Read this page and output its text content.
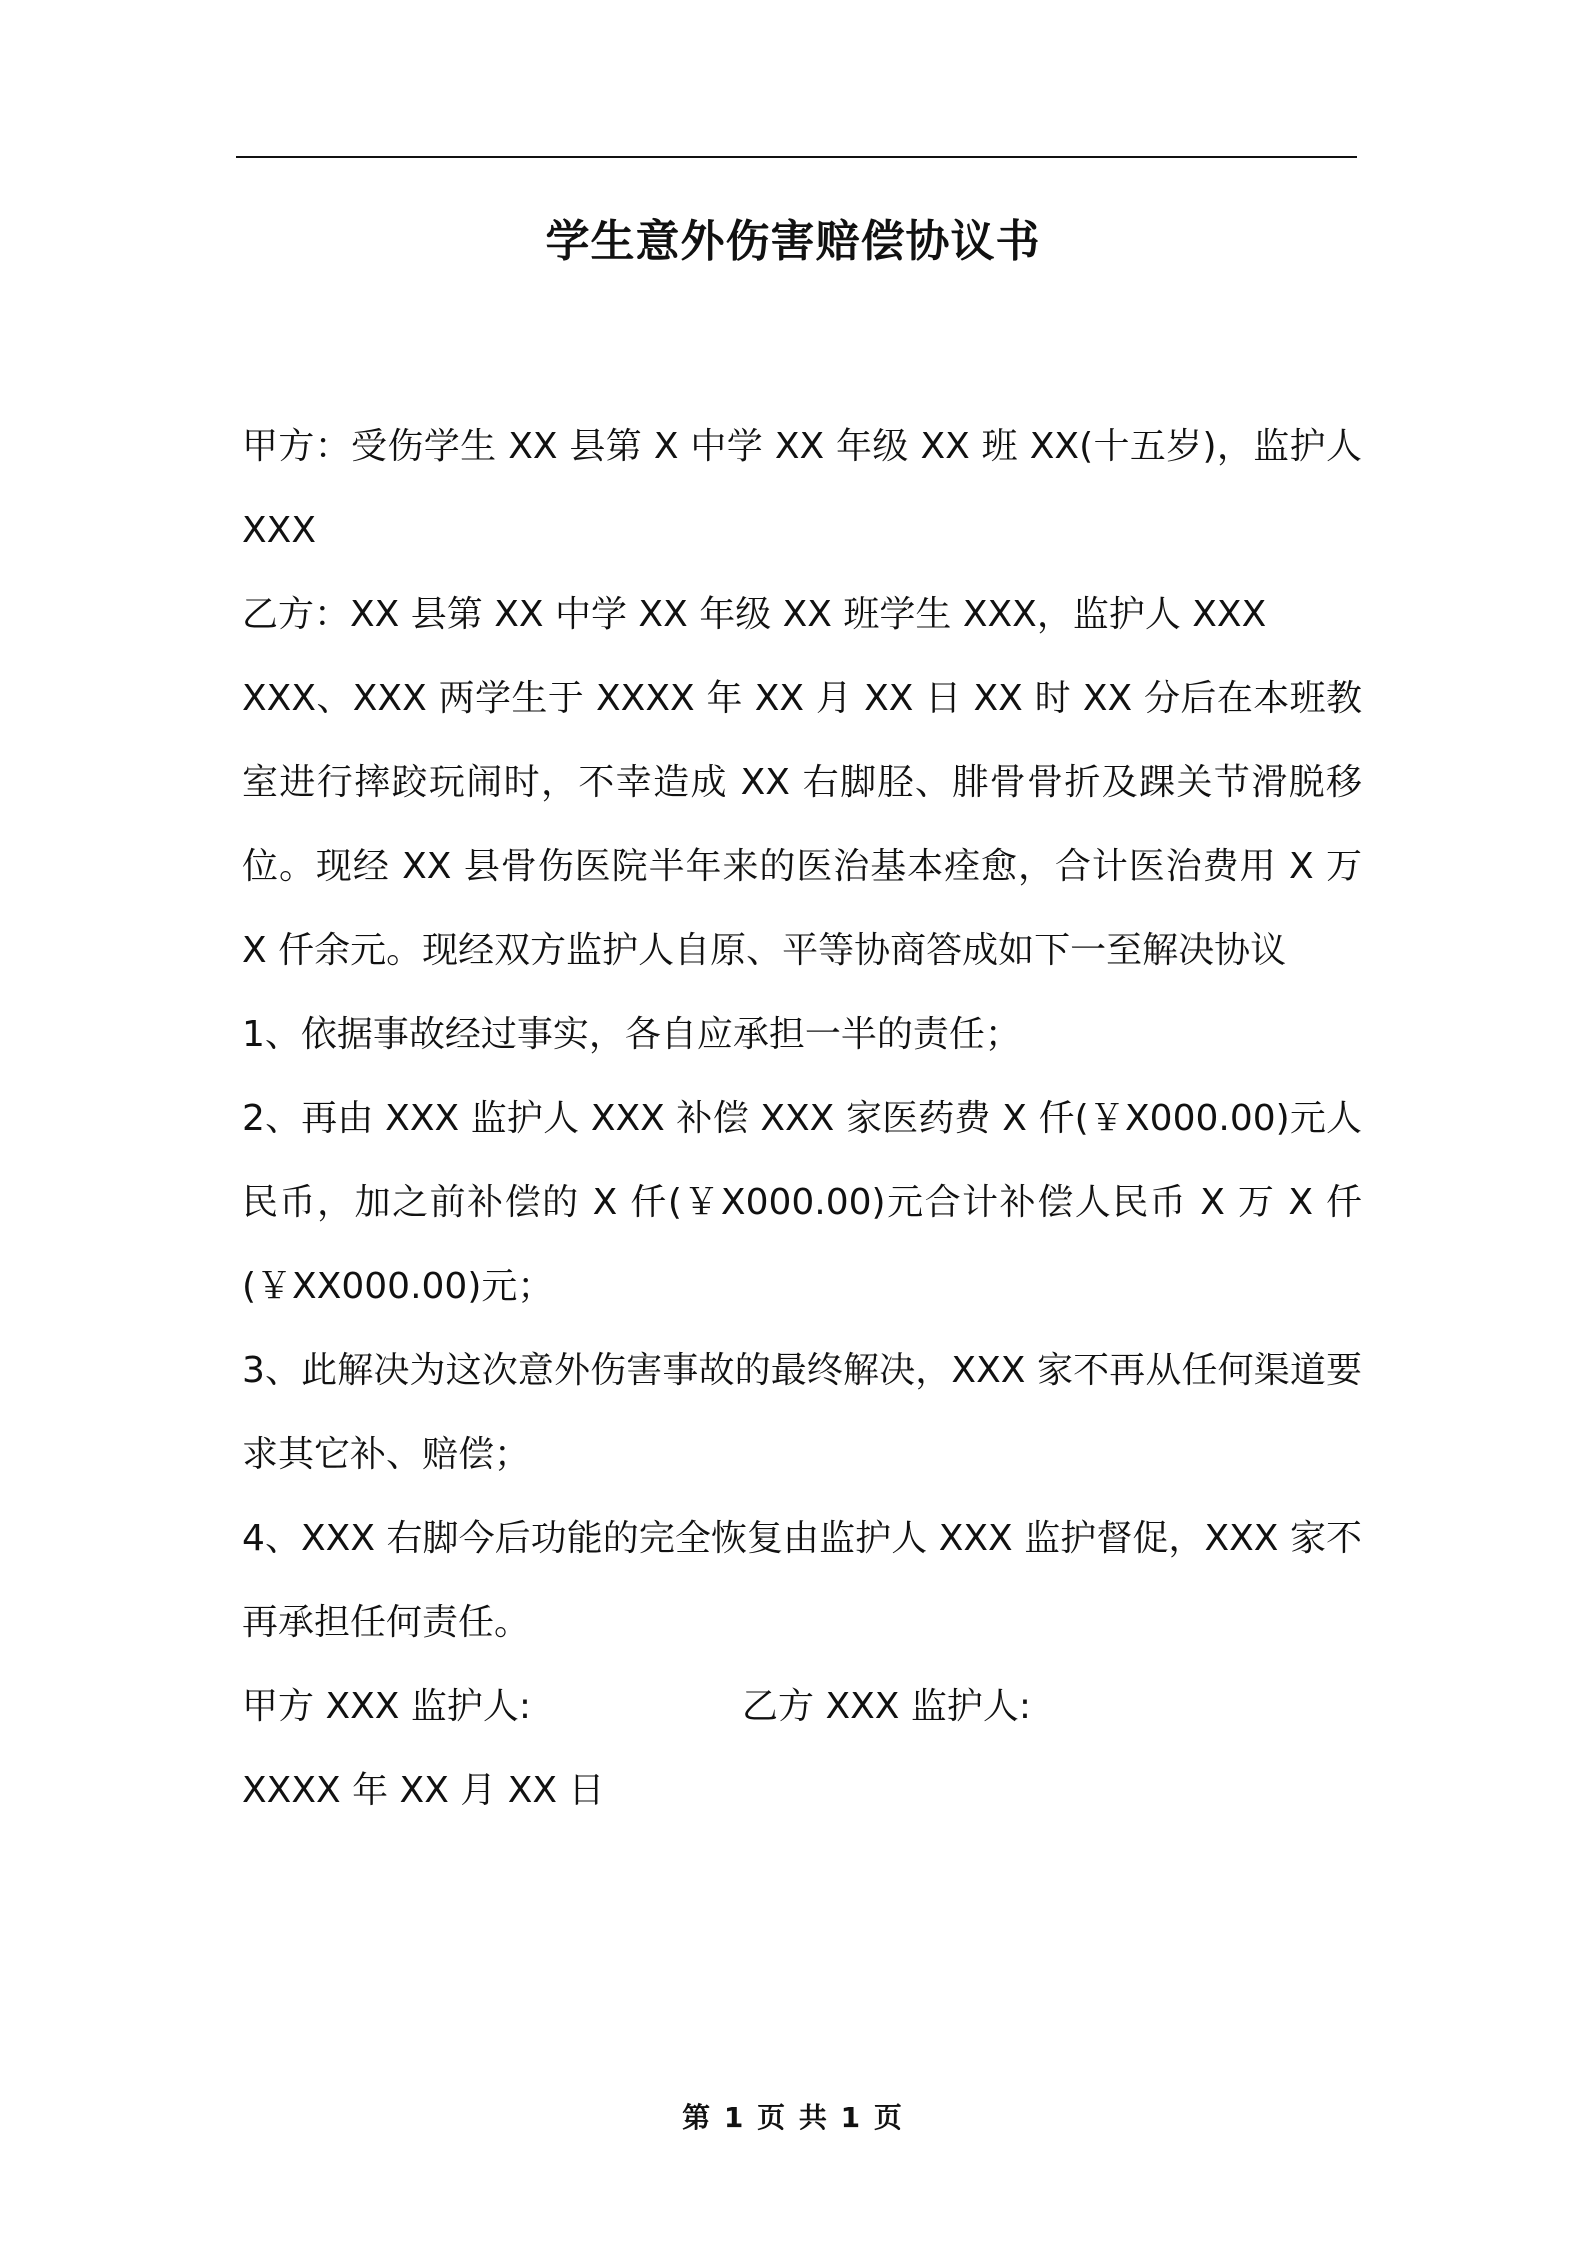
学生意外伤害赔偿协议书

甲方：受伤学生 XX 县第 X 中学 XX 年级 XX 班 XX(十五岁)，监护人 XXX

乙方：XX 县第 XX 中学 XX 年级 XX 班学生 XXX，监护人 XXX

XXX、XXX 两学生于 XXXX 年 XX 月 XX 日 XX 时 XX 分后在本班教室进行摔跤玩闹时，不幸造成 XX 右脚胫、腓骨骨折及踝关节滑脱移位。现经 XX 县骨伤医院半年来的医治基本痊愈，合计医治费用 X 万 X 仟余元。现经双方监护人自原、平等协商答成如下一至解决协议

1、依据事故经过事实，各自应承担一半的责任；

2、再由 XXX 监护人 XXX 补偿 XXX 家医药费 X 仟(￥X000.00)元人民币，加之前补偿的 X 仟(￥X000.00)元合计补偿人民币 X 万 X 仟(￥XX000.00)元；

3、此解决为这次意外伤害事故的最终解决，XXX 家不再从任何渠道要求其它补、赔偿；

4、XXX 右脚今后功能的完全恢复由监护人 XXX 监护督促，XXX 家不再承担任何责任。

甲方 XXX 监护人:	乙方 XXX 监护人:

XXXX 年 XX 月 XX 日

第 1 页 共 1 页
